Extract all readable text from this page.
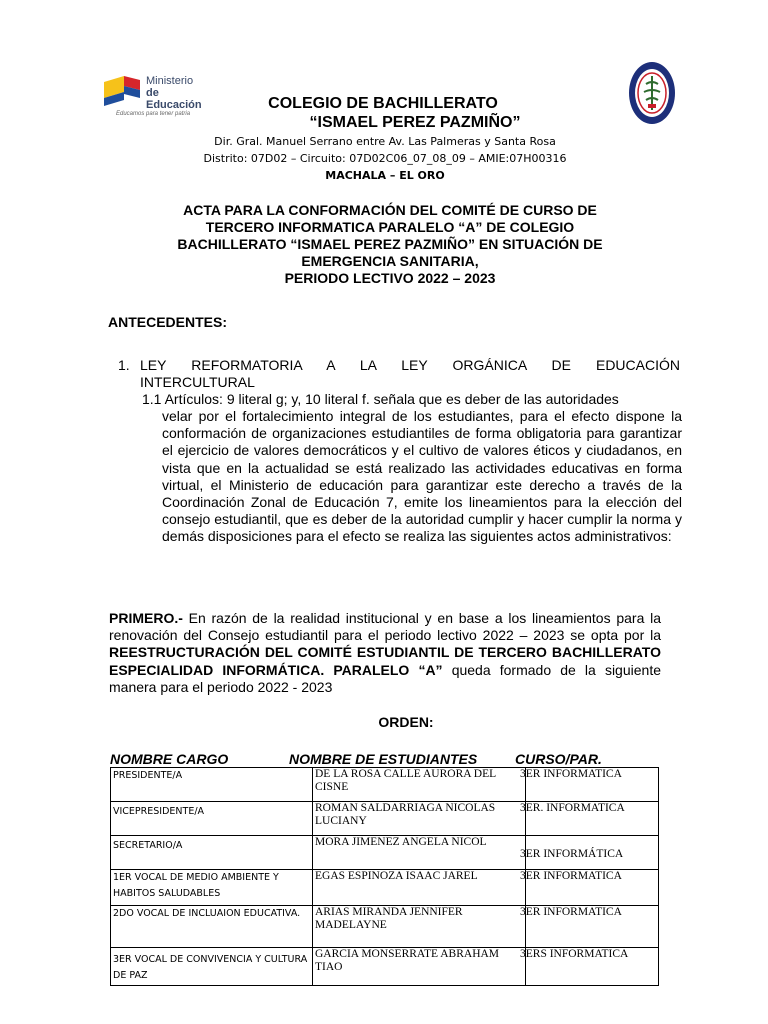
Ministerio
de Educación
Educamos para tener patria
COLEGIO DE BACHILLERATO
“ISMAEL PEREZ PAZMIÑO”
Dir. Gral. Manuel Serrano entre Av. Las Palmeras y Santa Rosa
Distrito: 07D02 – Circuito: 07D02C06_07_08_09 – AMIE:07H00316
MACHALA – EL ORO
ACTA PARA LA CONFORMACIÓN DEL COMITÉ DE CURSO DE
TERCERO INFORMATICA PARALELO “A” DE COLEGIO
BACHILLERATO “ISMAEL PEREZ PAZMIÑO” EN SITUACIÓN DE
EMERGENCIA SANITARIA,
PERIODO LECTIVO 2022 – 2023
ANTECEDENTES:
1. LEY REFORMATORIA A LA LEY ORGÁNICA DE EDUCACIÓN
INTERCULTURAL
1.1 Artículos: 9 literal g; y, 10 literal f. señala que es deber de las autoridades
velar por el fortalecimiento integral de los estudiantes, para el efecto dispone la conformación de organizaciones estudiantiles de forma obligatoria para garantizar el ejercicio de valores democráticos y el cultivo de valores éticos y ciudadanos, en vista que en la actualidad se está realizado las actividades educativas en forma virtual, el Ministerio de educación para garantizar este derecho a través de la Coordinación Zonal de Educación 7, emite los lineamientos para la elección del consejo estudiantil, que es deber de la autoridad cumplir y hacer cumplir la norma y demás disposiciones para el efecto se realiza las siguientes actos administrativos:
PRIMERO.- En razón de la realidad institucional y en base a los lineamientos para la renovación del Consejo estudiantil para el periodo lectivo 2022 – 2023 se opta por la REESTRUCTURACIÓN DEL COMITÉ ESTUDIANTIL DE TERCERO BACHILLERATO ESPECIALIDAD INFORMÁTICA. PARALELO “A” queda formado de la siguiente manera para el periodo 2022 - 2023
ORDEN:
NOMBRE CARGO	NOMBRE DE ESTUDIANTES	CURSO/PAR.
PRESIDENTE/A	DE LA ROSA CALLE AURORA DEL CISNE	3ER INFORMATICA

VICEPRESIDENTE/A	ROMAN SALDARRIAGA NICOLAS LUCIANY	3ER. INFORMATICA

SECRETARIO/A	MORA JIMENEZ ANGELA NICOL	3ER INFORMÁTICA

1ER VOCAL DE MEDIO AMBIENTE Y HABITOS SALUDABLES	EGAS ESPINOZA ISAAC JAREL	3ER INFORMATICA

2DO VOCAL DE INCLUAION EDUCATIVA.	ARIAS MIRANDA JENNIFER MADELAYNE	3ER INFORMATICA

3ER VOCAL DE CONVIVENCIA Y CULTURA DE PAZ	GARCIA MONSERRATE ABRAHAM TIAO	3ERS INFORMATICA
